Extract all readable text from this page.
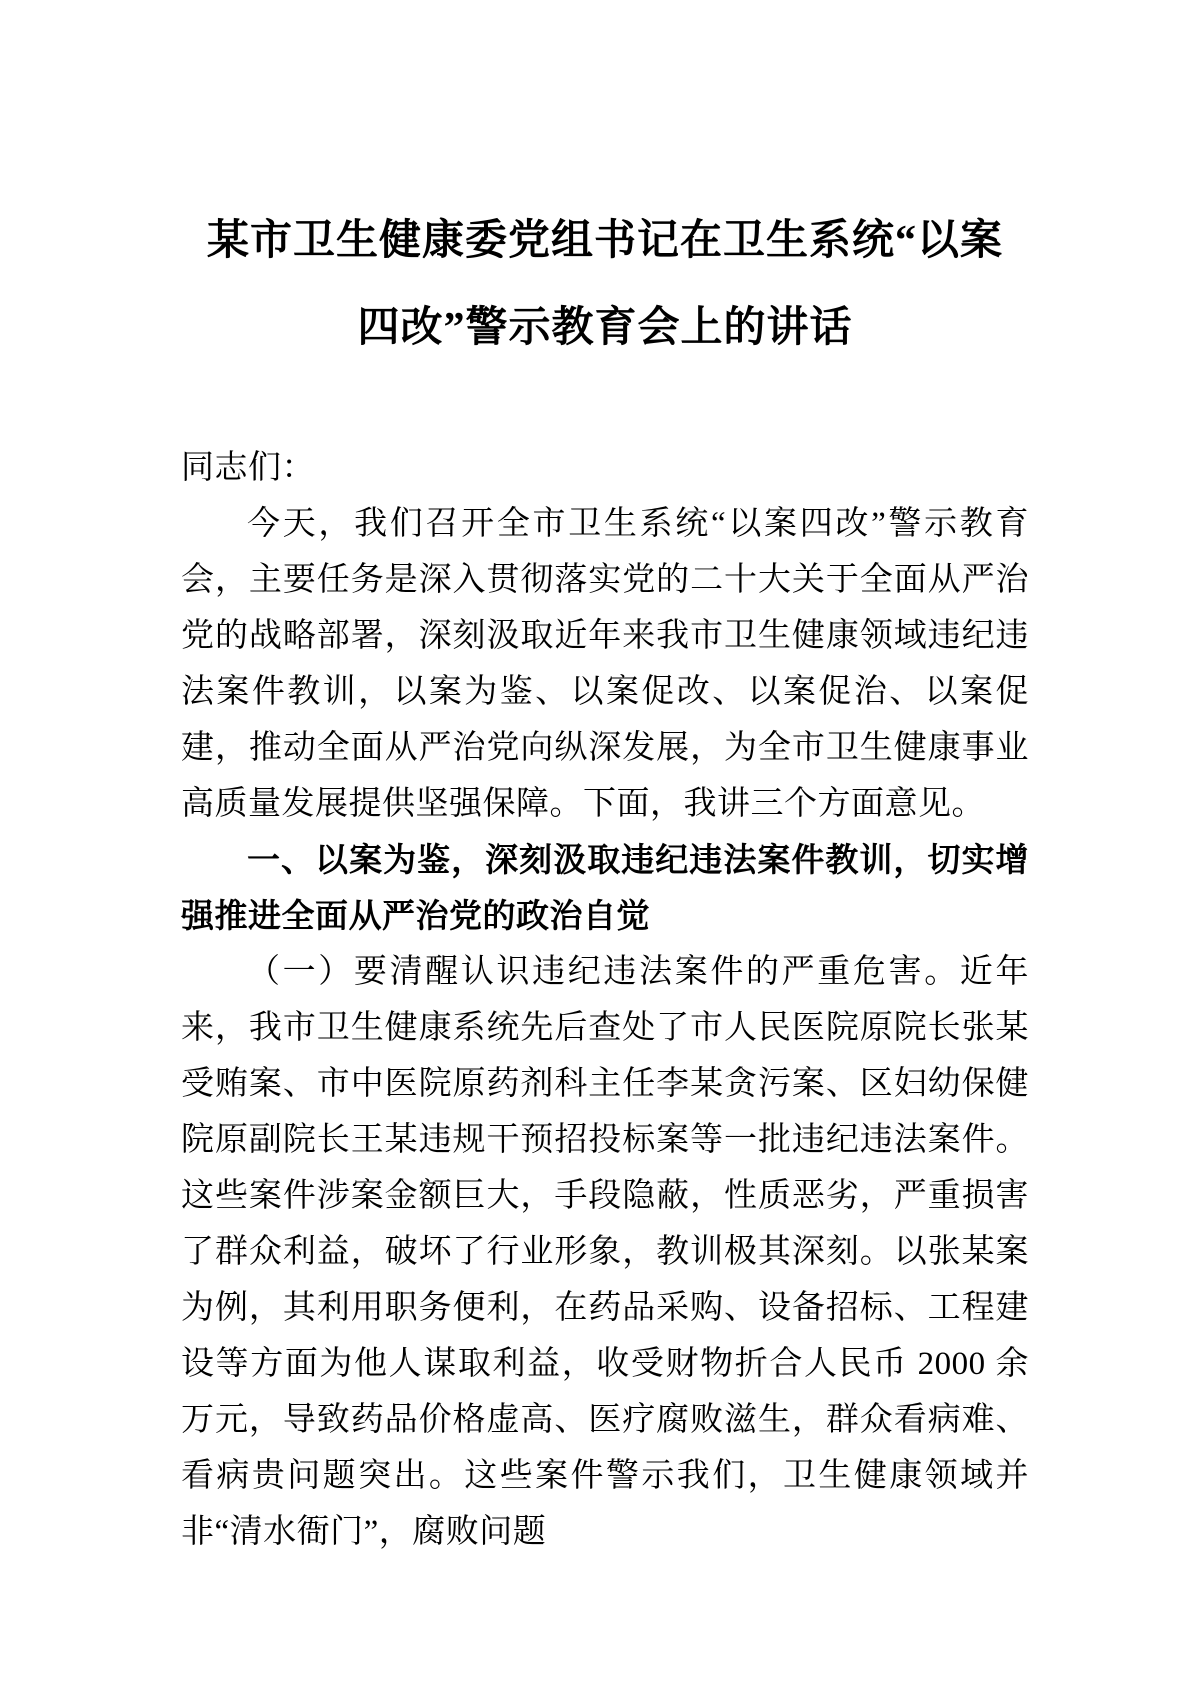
某市卫生健康委党组书记在卫生系统“以案
四改”警示教育会上的讲话

同志们：

今天，我们召开全市卫生系统“以案四改”警示教育会，主要任务是深入贯彻落实党的二十大关于全面从严治党的战略部署，深刻汲取近年来我市卫生健康领域违纪违法案件教训，以案为鉴、以案促改、以案促治、以案促建，推动全面从严治党向纵深发展，为全市卫生健康事业高质量发展提供坚强保障。下面，我讲三个方面意见。

一、以案为鉴，深刻汲取违纪违法案件教训，切实增强推进全面从严治党的政治自觉

（一）要清醒认识违纪违法案件的严重危害。近年来，我市卫生健康系统先后查处了市人民医院原院长张某受贿案、市中医院原药剂科主任李某贪污案、区妇幼保健院原副院长王某违规干预招投标案等一批违纪违法案件。这些案件涉案金额巨大，手段隐蔽，性质恶劣，严重损害了群众利益，破坏了行业形象，教训极其深刻。以张某案为例，其利用职务便利，在药品采购、设备招标、工程建设等方面为他人谋取利益，收受财物折合人民币 2000 余万元，导致药品价格虚高、医疗腐败滋生，群众看病难、看病贵问题突出。这些案件警示我们，卫生健康领域并非“清水衙门”，腐败问题
